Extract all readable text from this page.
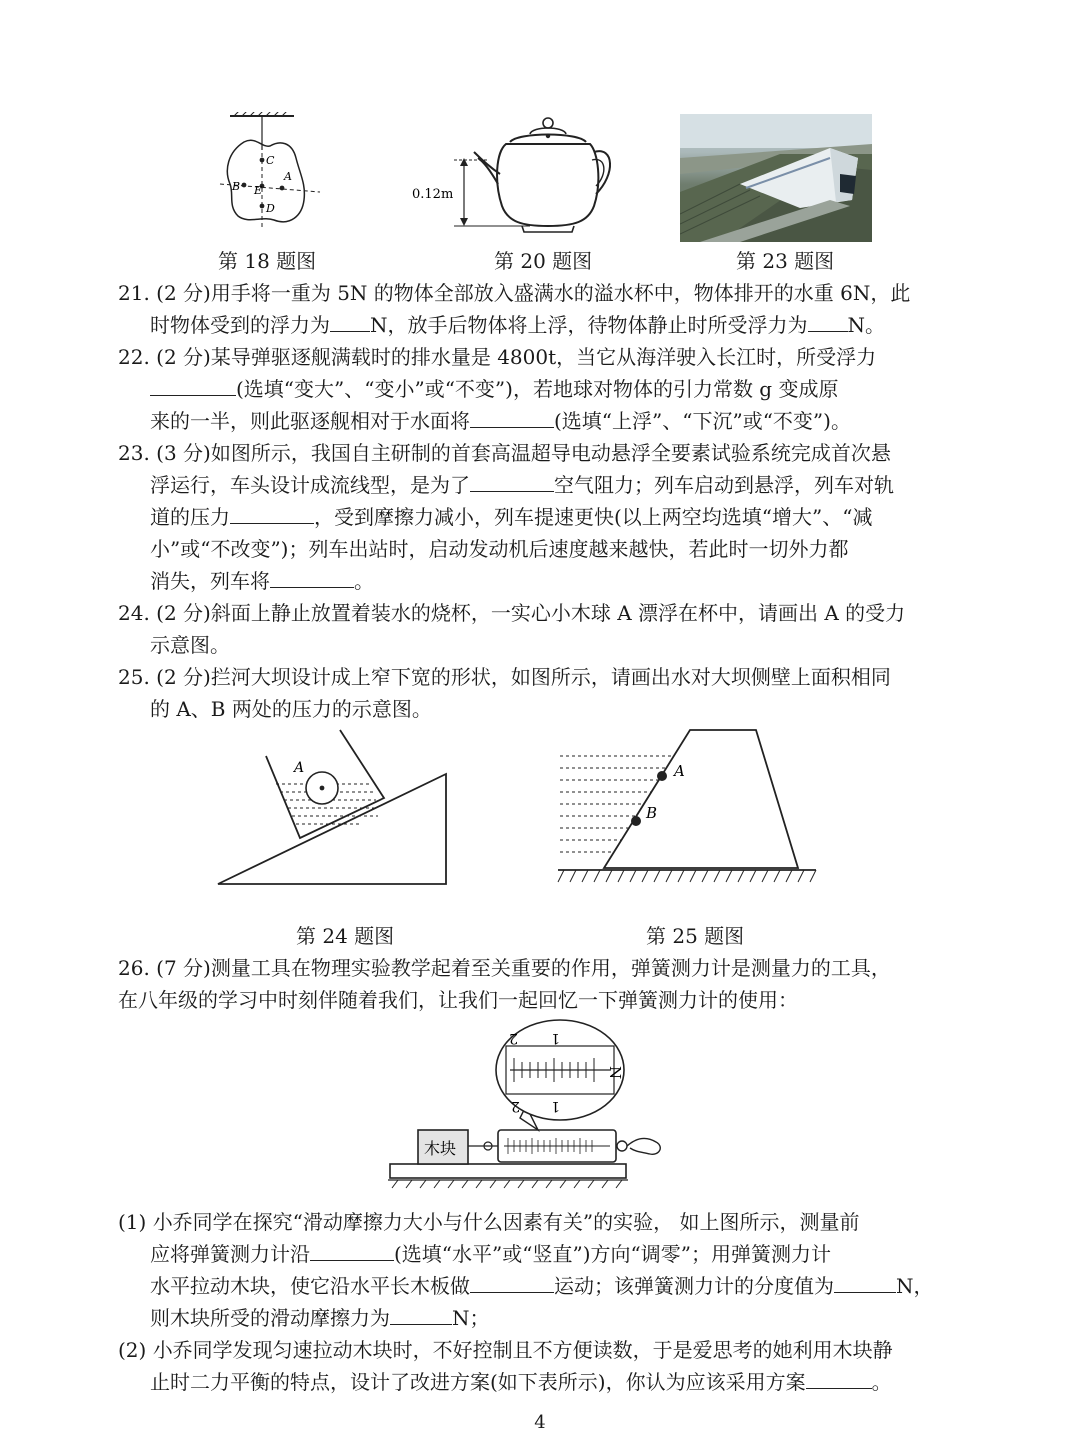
C
B E
A
D
第 18 题图
0.12m
第 20 题图	第 23 题图
21. (2 分)用手将一重为 5N 的物体全部放入盛满水的溢水杯中，物体排开的水重 6N，此
时物体受到的浮力为 N，放手后物体将上浮，待物体静止时所受浮力为 N。
22. (2 分)某导弹驱逐舰满载时的排水量是 4800t，当它从海洋驶入长江时，所受浮力
(选填“变大”、“变小”或“不变”)，若地球对物体的引力常数 g 变成原
来的一半，则此驱逐舰相对于水面将	(选填“上浮”、“下沉”或“不变”)。
23. (3 分)如图所示，我国自主研制的首套高温超导电动悬浮全要素试验系统完成首次悬
浮运行，车头设计成流线型，是为了	空气阻力；列车启动到悬浮，列车对轨
道的压力	，受到摩擦力减小，列车提速更快(以上两空均选填“增大”、“减
小”或“不改变”)；列车出站时，启动发动机后速度越来越快，若此时一切外力都
消失，列车将	。
24. (2 分)斜面上静止放置着装水的烧杯，一实心小木球 A 漂浮在杯中，请画出 A 的受力
示意图。
25. (2 分)拦河大坝设计成上窄下宽的形状，如图所示，请画出水对大坝侧壁上面积相同
的 A、B 两处的压力的示意图。
A
第 24 题图
A
B
第 25 题图
26. (7 分)测量工具在物理实验教学起着至关重要的作用，弹簧测力计是测量力的工具，
在八年级的学习中时刻伴随着我们，让我们一起回忆一下弹簧测力计的使用：
木块
2 1
2 1
N
(1) 小乔同学在探究“滑动摩擦力大小与什么因素有关”的实验， 如上图所示，测量前
应将弹簧测力计沿	(选填“水平”或“竖直”)方向“调零”；用弹簧测力计
水平拉动木块，使它沿水平长木板做	运动；该弹簧测力计的分度值为	N，
则木块所受的滑动摩擦力为	N；
(2) 小乔同学发现匀速拉动木块时，不好控制且不方便读数，于是爱思考的她利用木块静
止时二力平衡的特点，设计了改进方案(如下表所示)，你认为应该采用方案	。
4
